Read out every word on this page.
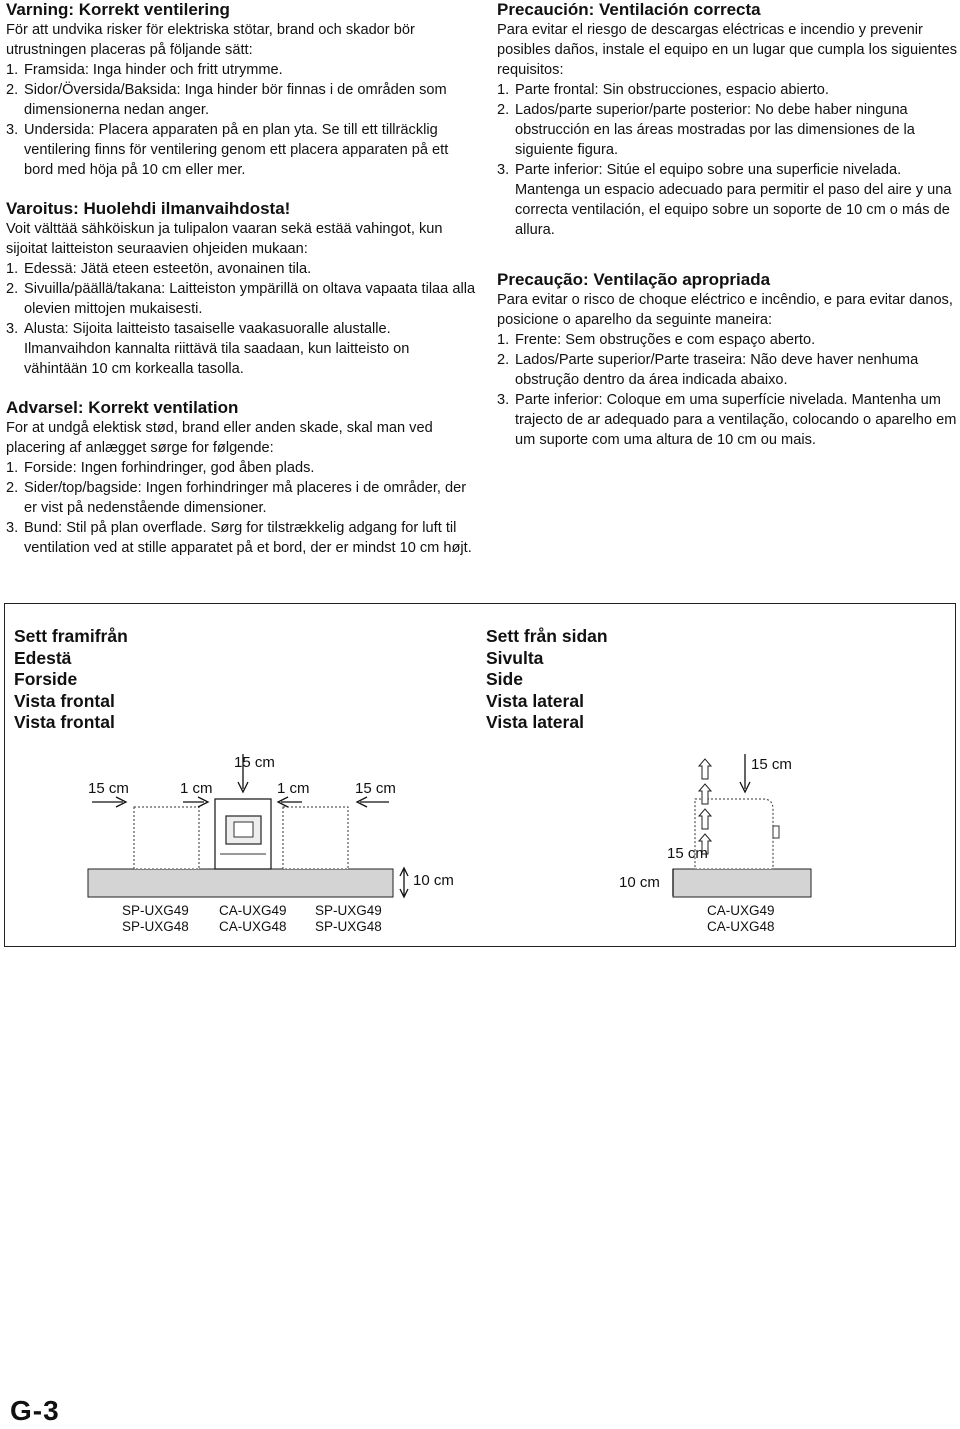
Varning: Korrekt ventilering

För att undvika risker för elektriska stötar, brand och skador bör utrustningen placeras på följande sätt:

1. Framsida: Inga hinder och fritt utrymme.
2. Sidor/Översida/Baksida: Inga hinder bör finnas i de områden som dimensionerna nedan anger.
3. Undersida: Placera apparaten på en plan yta. Se till ett tillräcklig ventilering finns för ventilering genom ett placera apparaten på ett bord med höja på 10 cm eller mer.
Varoitus: Huolehdi ilmanvaihdosta!

Voit välttää sähköiskun ja tulipalon vaaran sekä estää vahingot, kun sijoitat laitteiston seuraavien ohjeiden mukaan:

1. Edessä: Jätä eteen esteetön, avonainen tila.
2. Sivuilla/päällä/takana: Laitteiston ympärillä on oltava vapaata tilaa alla olevien mittojen mukaisesti.
3. Alusta: Sijoita laitteisto tasaiselle vaakasuoralle alustalle. Ilmanvaihdon kannalta riittävä tila saadaan, kun laitteisto on vähintään 10 cm korkealla tasolla.
Advarsel: Korrekt ventilation

For at undgå elektisk stød, brand eller anden skade, skal man ved placering af anlægget sørge for følgende:

1. Forside: Ingen forhindringer, god åben plads.
2. Sider/top/bagside: Ingen forhindringer må placeres i de områder, der er vist på nedenstående dimensioner.
3. Bund: Stil på plan overflade. Sørg for tilstrækkelig adgang for luft til ventilation ved at stille apparatet på et bord, der er mindst 10 cm højt.
Precaución: Ventilación correcta

Para evitar el riesgo de descargas eléctricas e incendio y prevenir posibles daños, instale el equipo en un lugar que cumpla los siguientes requisitos:

1. Parte frontal: Sin obstrucciones, espacio abierto.
2. Lados/parte superior/parte posterior: No debe haber ninguna obstrucción en las áreas mostradas por las dimensiones de la siguiente figura.
3. Parte inferior: Sitúe el equipo sobre una superficie nivelada. Mantenga un espacio adecuado para permitir el paso del aire y una correcta ventilación, el equipo sobre un soporte de 10 cm o más de allura.
Precaução: Ventilação apropriada

Para evitar o risco de choque eléctrico e incêndio, e para evitar danos, posicione o aparelho da seguinte maneira:

1. Frente: Sem obstruções e com espaço aberto.
2. Lados/Parte superior/Parte traseira: Não deve haver nenhuma obstrução dentro da área indicada abaixo.
3. Parte inferior: Coloque em uma superfície nivelada. Mantenha um trajecto de ar adequado para a ventilação, colocando o aparelho em um suporte com uma altura de 10 cm ou mais.
Sett framifrån
Edestä
Forside
Vista frontal
Vista frontal
Sett från sidan
Sivulta
Side
Vista lateral
Vista lateral
15 cm
15 cm	1 cm	1 cm	15 cm
10 cm
SP-UXG49
SP-UXG48
CA-UXG49
CA-UXG48
SP-UXG49
SP-UXG48
15 cm
15 cm
10 cm
CA-UXG49
CA-UXG48
G-3
